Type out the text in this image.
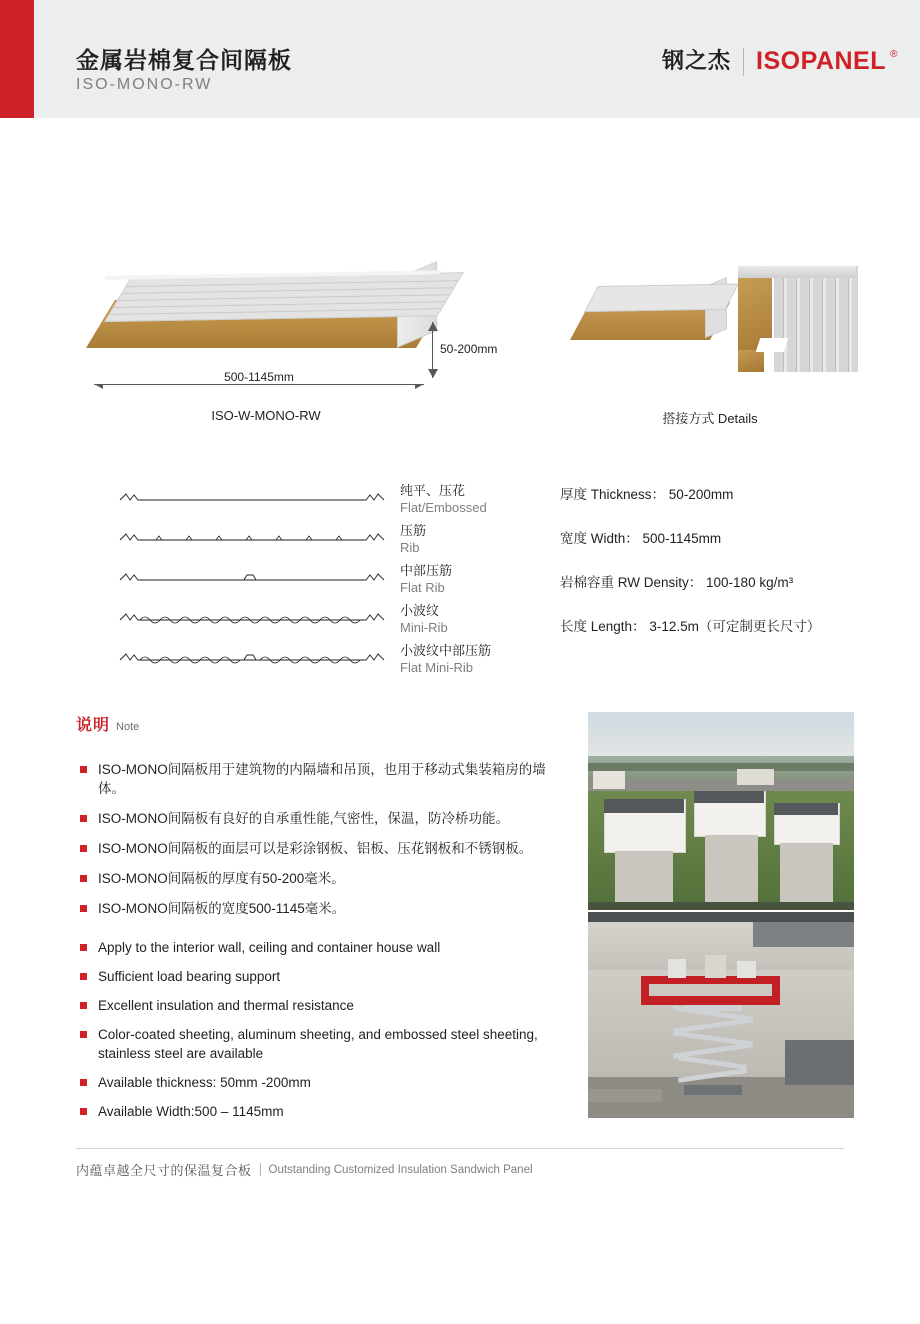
金属岩棉复合间隔板
ISO-MONO-RW
钢之杰 ISOPANEL ®
500-1145mm
50-200mm
ISO-W-MONO-RW	搭接方式 Details
纯平、压花
Flat/Embossed
压筋
Rib
中部压筋
Flat Rib
小波纹
Mini-Rib
小波纹中部压筋
Flat Mini-Rib
厚度 Thickness： 50-200mm
宽度 Width： 500-1145mm
岩棉容重 RW Density： 100-180 kg/m³
长度 Length： 3-12.5m（可定制更长尺寸）
说明 Note
ISO-MONO间隔板用于建筑物的内隔墙和吊顶，也用于移动式集装箱房的墙体。
ISO-MONO间隔板有良好的自承重性能,气密性，保温，防冷桥功能。
ISO-MONO间隔板的面层可以是彩涂钢板、铝板、压花钢板和不锈钢板。
ISO-MONO间隔板的厚度有50-200毫米。
ISO-MONO间隔板的宽度500-1145毫米。
Apply to the interior wall, ceiling and container house wall
Sufficient load bearing support
Excellent insulation and thermal resistance
Color-coated sheeting, aluminum sheeting, and embossed steel sheeting, stainless steel are available
Available thickness: 50mm -200mm
Available Width:500 – 1145mm
内蕴卓越全尺寸的保温复合板 Outstanding Customized Insulation Sandwich Panel
